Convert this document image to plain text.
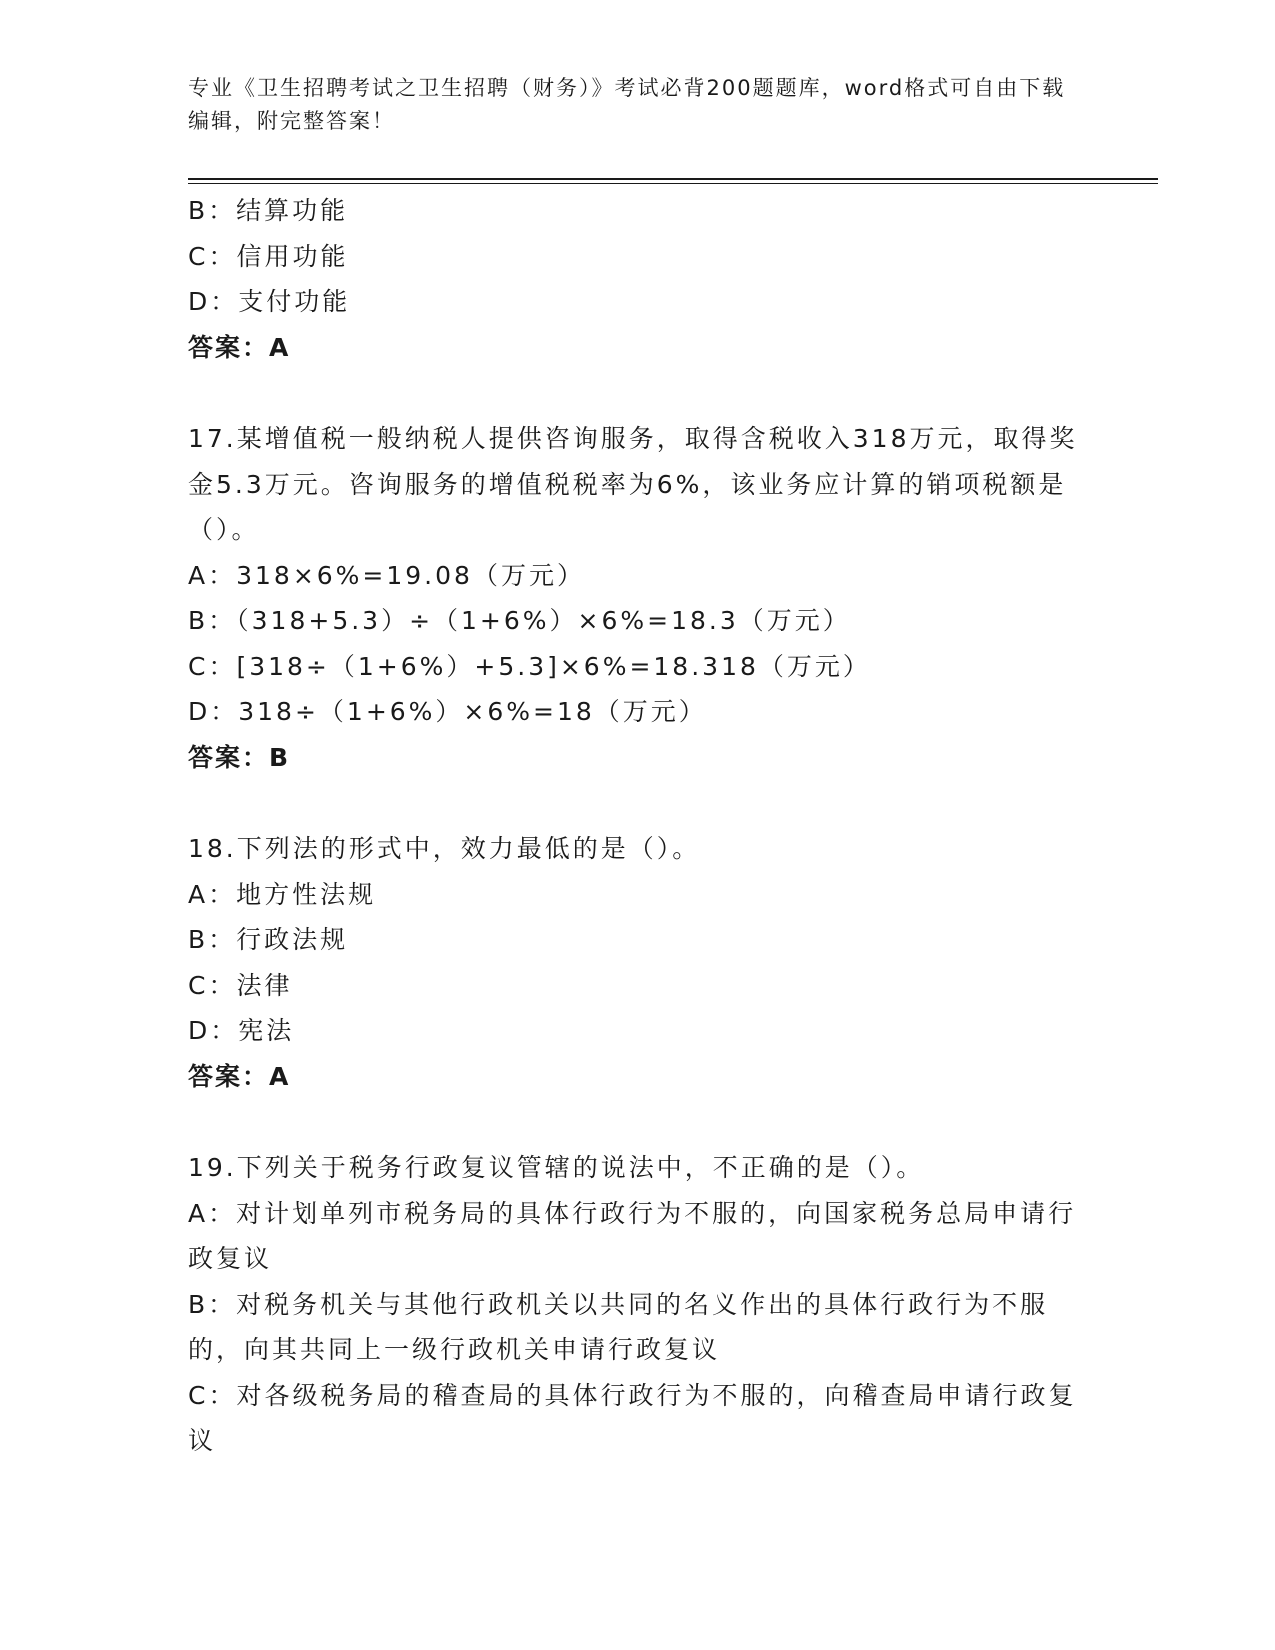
专业《卫生招聘考试之卫生招聘（财务）》考试必背200题题库，word格式可自由下载编辑，附完整答案！

B：结算功能

C：信用功能

D：支付功能

答案：A

17.某增值税一般纳税人提供咨询服务，取得含税收入318万元，取得奖金5.3万元。咨询服务的增值税税率为6%，该业务应计算的销项税额是（）。

A：318×6%=19.08（万元）

B：（318+5.3）÷（1+6%）×6%=18.3（万元）

C：[318÷（1+6%）+5.3]×6%=18.318（万元）

D：318÷（1+6%）×6%=18（万元）

答案：B

18.下列法的形式中，效力最低的是（）。

A：地方性法规

B：行政法规

C：法律

D：宪法

答案：A

19.下列关于税务行政复议管辖的说法中，不正确的是（）。

A：对计划单列市税务局的具体行政行为不服的，向国家税务总局申请行政复议

B：对税务机关与其他行政机关以共同的名义作出的具体行政行为不服的，向其共同上一级行政机关申请行政复议

C：对各级税务局的稽查局的具体行政行为不服的，向稽查局申请行政复议
